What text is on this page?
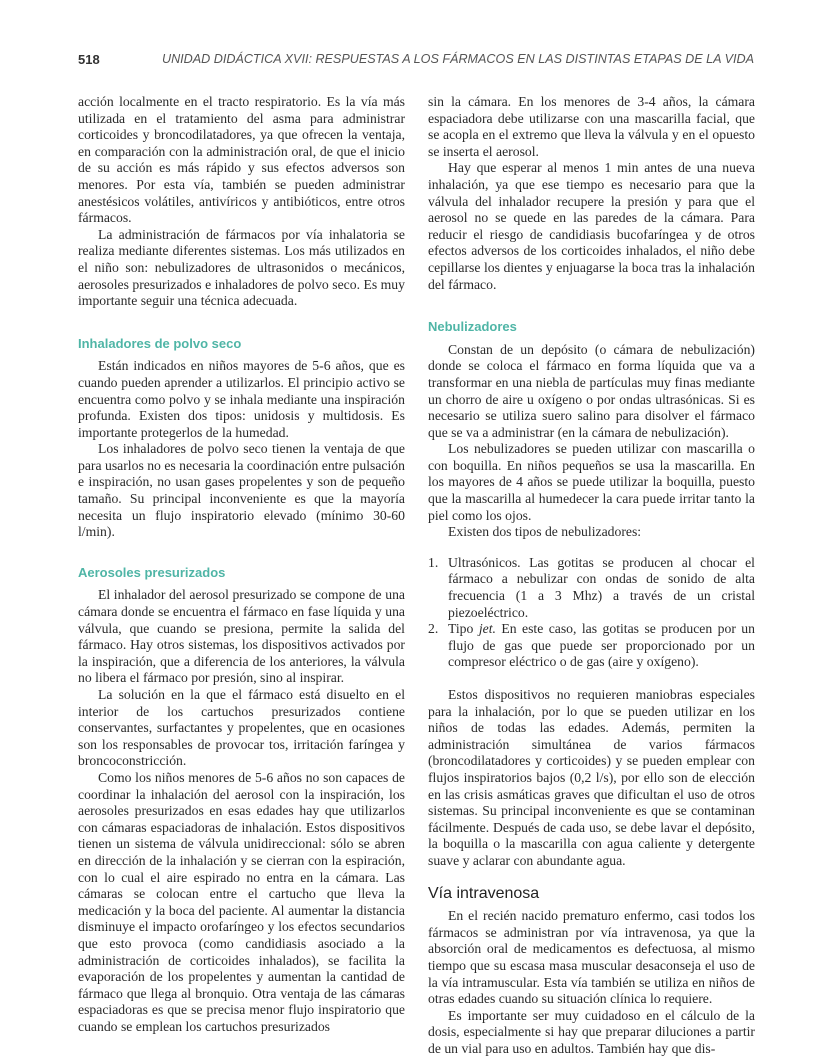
518	UNIDAD DIDÁCTICA XVII: RESPUESTAS A LOS FÁRMACOS EN LAS DISTINTAS ETAPAS DE LA VIDA

acción localmente en el tracto respiratorio. Es la vía más utilizada en el tratamiento del asma para administrar corticoides y broncodilatadores, ya que ofrecen la ventaja, en comparación con la administración oral, de que el inicio de su acción es más rápido y sus efectos adversos son menores. Por esta vía, también se pueden administrar anestésicos volátiles, antivíricos y antibióticos, entre otros fármacos.

La administración de fármacos por vía inhalatoria se realiza mediante diferentes sistemas. Los más utilizados en el niño son: nebulizadores de ultrasonidos o mecánicos, aerosoles presurizados e inhaladores de polvo seco. Es muy importante seguir una técnica adecuada.

Inhaladores de polvo seco

Están indicados en niños mayores de 5-6 años, que es cuando pueden aprender a utilizarlos. El principio activo se encuentra como polvo y se inhala mediante una inspiración profunda. Existen dos tipos: unidosis y multidosis. Es importante protegerlos de la humedad.

Los inhaladores de polvo seco tienen la ventaja de que para usarlos no es necesaria la coordinación entre pulsación e inspiración, no usan gases propelentes y son de pequeño tamaño. Su principal inconveniente es que la mayoría necesita un flujo inspiratorio elevado (mínimo 30-60 l/min).

Aerosoles presurizados

El inhalador del aerosol presurizado se compone de una cámara donde se encuentra el fármaco en fase líquida y una válvula, que cuando se presiona, permite la salida del fármaco. Hay otros sistemas, los dispositivos activados por la inspiración, que a diferencia de los anteriores, la válvula no libera el fármaco por presión, sino al inspirar.

La solución en la que el fármaco está disuelto en el interior de los cartuchos presurizados contiene conservantes, surfactantes y propelentes, que en ocasiones son los responsables de provocar tos, irritación faríngea y broncoconstricción.

Como los niños menores de 5-6 años no son capaces de coordinar la inhalación del aerosol con la inspiración, los aerosoles presurizados en esas edades hay que utilizarlos con cámaras espaciadoras de inhalación. Estos dispositivos tienen un sistema de válvula unidireccional: sólo se abren en dirección de la inhalación y se cierran con la espiración, con lo cual el aire espirado no entra en la cámara. Las cámaras se colocan entre el cartucho que lleva la medicación y la boca del paciente. Al aumentar la distancia disminuye el impacto orofaríngeo y los efectos secundarios que esto provoca (como candidiasis asociado a la administración de corticoides inhalados), se facilita la evaporación de los propelentes y aumentan la cantidad de fármaco que llega al bronquio. Otra ventaja de las cámaras espaciadoras es que se precisa menor flujo inspiratorio que cuando se emplean los cartuchos presurizados

sin la cámara. En los menores de 3-4 años, la cámara espaciadora debe utilizarse con una mascarilla facial, que se acopla en el extremo que lleva la válvula y en el opuesto se inserta el aerosol.

Hay que esperar al menos 1 min antes de una nueva inhalación, ya que ese tiempo es necesario para que la válvula del inhalador recupere la presión y para que el aerosol no se quede en las paredes de la cámara. Para reducir el riesgo de candidiasis bucofaríngea y de otros efectos adversos de los corticoides inhalados, el niño debe cepillarse los dientes y enjuagarse la boca tras la inhalación del fármaco.

Nebulizadores

Constan de un depósito (o cámara de nebulización) donde se coloca el fármaco en forma líquida que va a transformar en una niebla de partículas muy finas mediante un chorro de aire u oxígeno o por ondas ultrasónicas. Si es necesario se utiliza suero salino para disolver el fármaco que se va a administrar (en la cámara de nebulización).

Los nebulizadores se pueden utilizar con mascarilla o con boquilla. En niños pequeños se usa la mascarilla. En los mayores de 4 años se puede utilizar la boquilla, puesto que la mascarilla al humedecer la cara puede irritar tanto la piel como los ojos.

Existen dos tipos de nebulizadores:

1. Ultrasónicos. Las gotitas se producen al chocar el fármaco a nebulizar con ondas de sonido de alta frecuencia (1 a 3 Mhz) a través de un cristal piezoeléctrico.
2. Tipo jet. En este caso, las gotitas se producen por un flujo de gas que puede ser proporcionado por un compresor eléctrico o de gas (aire y oxígeno).

Estos dispositivos no requieren maniobras especiales para la inhalación, por lo que se pueden utilizar en los niños de todas las edades. Además, permiten la administración simultánea de varios fármacos (broncodilatadores y corticoides) y se pueden emplear con flujos inspiratorios bajos (0,2 l/s), por ello son de elección en las crisis asmáticas graves que dificultan el uso de otros sistemas. Su principal inconveniente es que se contaminan fácilmente. Después de cada uso, se debe lavar el depósito, la boquilla o la mascarilla con agua caliente y detergente suave y aclarar con abundante agua.

Vía intravenosa

En el recién nacido prematuro enfermo, casi todos los fármacos se administran por vía intravenosa, ya que la absorción oral de medicamentos es defectuosa, al mismo tiempo que su escasa masa muscular desaconseja el uso de la vía intramuscular. Esta vía también se utiliza en niños de otras edades cuando su situación clínica lo requiere.

Es importante ser muy cuidadoso en el cálculo de la dosis, especialmente si hay que preparar diluciones a partir de un vial para uso en adultos. También hay que dis-
